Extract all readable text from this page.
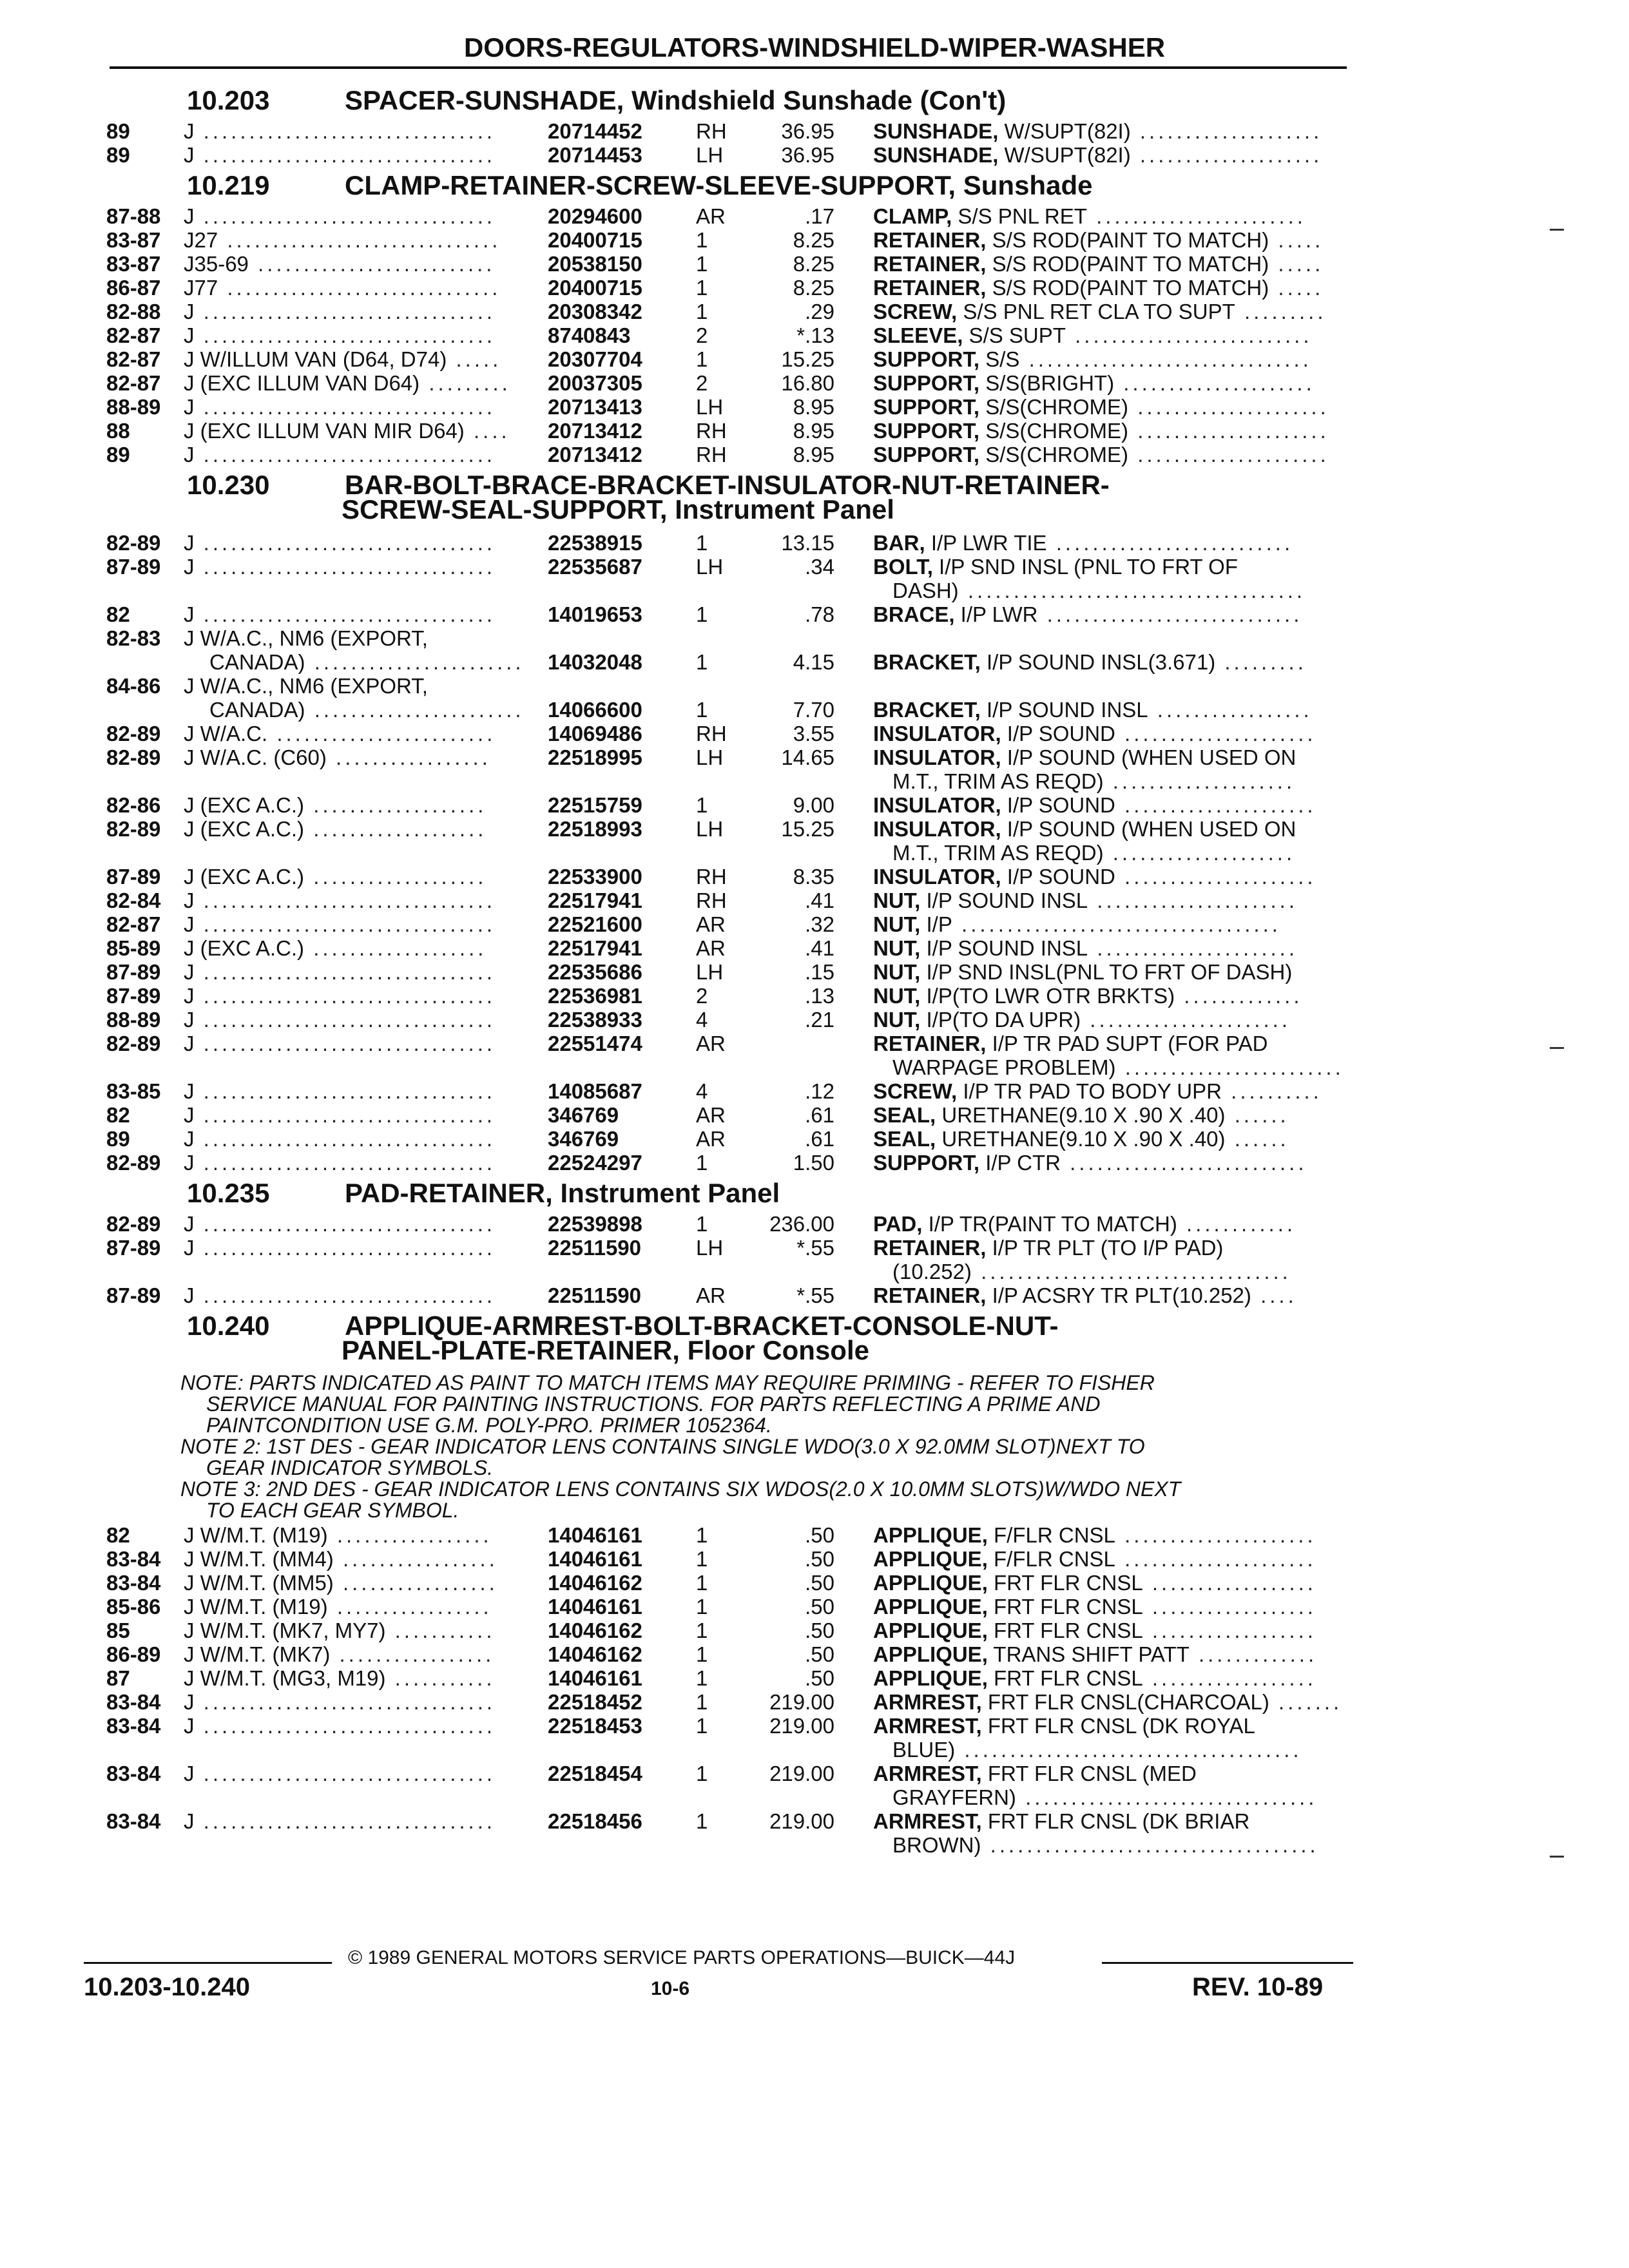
DOORS-REGULATORS-WINDSHIELD-WIPER-WASHER
10.203	SPACER-SUNSHADE, Windshield Sunshade (Con't)
89	J ................................ 20714452	RH	36.95 SUNSHADE, W/SUPT(82I) ....................
89	J ................................ 20714453	LH	36.95 SUNSHADE, W/SUPT(82I) ....................
10.219	CLAMP-RETAINER-SCREW-SLEEVE-SUPPORT, Sunshade
87-88 J ................................ 20294600	AR	.17 CLAMP, S/S PNL RET .......................
83-87 J27 .............................. 20400715	1	8.25 RETAINER, S/S ROD(PAINT TO MATCH) .....
83-87 J35-69 .......................... 20538150	1	8.25 RETAINER, S/S ROD(PAINT TO MATCH) .....
86-87 J77 .............................. 20400715	1	8.25 RETAINER, S/S ROD(PAINT TO MATCH) .....
82-88 J ................................ 20308342	1	.29 SCREW, S/S PNL RET CLA TO SUPT .........
82-87 J ................................ 8740843	2	*.13 SLEEVE, S/S SUPT ..........................
82-87 J W/ILLUM VAN (D64, D74) ..... 20307704	1	15.25 SUPPORT, S/S ...............................
82-87 J (EXC ILLUM VAN D64) ......... 20037305	2	16.80 SUPPORT, S/S(BRIGHT) .....................
88-89 J ................................ 20713413	LH	8.95 SUPPORT, S/S(CHROME) .....................
88	J (EXC ILLUM VAN MIR D64) .... 20713412	RH	8.95 SUPPORT, S/S(CHROME) .....................
89	J ................................ 20713412	RH	8.95 SUPPORT, S/S(CHROME) .....................
10.230	BAR-BOLT-BRACE-BRACKET-INSULATOR-NUT-RETAINER-
SCREW-SEAL-SUPPORT, Instrument Panel
82-89 J ................................ 22538915	1	13.15 BAR, I/P LWR TIE ..........................
87-89 J ................................ 22535687	LH	.34 BOLT, I/P SND INSL (PNL TO FRT OF
DASH) .....................................
82	J ................................ 14019653	1	.78 BRACE, I/P LWR ............................
82-83 J W/A.C., NM6 (EXPORT,
CANADA) ....................... 14032048	1	4.15 BRACKET, I/P SOUND INSL(3.671) .........
84-86 J W/A.C., NM6 (EXPORT,
CANADA) ....................... 14066600	1	7.70 BRACKET, I/P SOUND INSL .................
82-89 J W/A.C. ........................ 14069486	RH	3.55 INSULATOR, I/P SOUND .....................
82-89 J W/A.C. (C60) .................	22518995	LH	14.65 INSULATOR, I/P SOUND (WHEN USED ON
M.T., TRIM AS REQD) ....................
82-86 J (EXC A.C.) ...................	22515759	1	9.00 INSULATOR, I/P SOUND .....................
82-89 J (EXC A.C.) ...................	22518993	LH	15.25 INSULATOR, I/P SOUND (WHEN USED ON
M.T., TRIM AS REQD) ....................
87-89 J (EXC A.C.) ...................	22533900	RH	8.35 INSULATOR, I/P SOUND .....................
82-84 J ................................ 22517941	RH	.41 NUT, I/P SOUND INSL ......................
82-87 J ................................ 22521600	AR	.32 NUT, I/P ...................................
85-89 J (EXC A.C.) ...................	22517941	AR	.41 NUT, I/P SOUND INSL ......................
87-89 J ................................ 22535686	LH	.15 NUT, I/P SND INSL(PNL TO FRT OF DASH)
87-89 J ................................ 22536981	2	.13 NUT, I/P(TO LWR OTR BRKTS) .............
88-89 J ................................ 22538933	4	.21 NUT, I/P(TO DA UPR) ......................
82-89 J ................................ 22551474	AR	RETAINER, I/P TR PAD SUPT (FOR PAD
WARPAGE PROBLEM) ........................
83-85 J ................................ 14085687	4	.12 SCREW, I/P TR PAD TO BODY UPR ..........
82	J ................................ 346769	AR	.61 SEAL, URETHANE(9.10 X .90 X .40) ......
89	J ................................ 346769	AR	.61 SEAL, URETHANE(9.10 X .90 X .40) ......
82-89 J ................................ 22524297	1	1.50 SUPPORT, I/P CTR ..........................
10.235	PAD-RETAINER, Instrument Panel
82-89 J ................................ 22539898	1	236.00 PAD, I/P TR(PAINT TO MATCH) ............
87-89 J ................................ 22511590	LH	*.55 RETAINER, I/P TR PLT (TO I/P PAD)
(10.252) ..................................
87-89 J ................................ 22511590	AR	*.55 RETAINER, I/P ACSRY TR PLT(10.252) ....
10.240	APPLIQUE-ARMREST-BOLT-BRACKET-CONSOLE-NUT-
PANEL-PLATE-RETAINER, Floor Console
NOTE: PARTS INDICATED AS PAINT TO MATCH ITEMS MAY REQUIRE PRIMING - REFER TO FISHER
SERVICE MANUAL FOR PAINTING INSTRUCTIONS. FOR PARTS REFLECTING A PRIME AND
PAINTCONDITION USE G.M. POLY-PRO. PRIMER 1052364.
NOTE 2: 1ST DES - GEAR INDICATOR LENS CONTAINS SINGLE WDO(3.0 X 92.0MM SLOT)NEXT TO
GEAR INDICATOR SYMBOLS.
NOTE 3: 2ND DES - GEAR INDICATOR LENS CONTAINS SIX WDOS(2.0 X 10.0MM SLOTS)W/WDO NEXT
TO EACH GEAR SYMBOL.
82	J W/M.T. (M19) .................	14046161	1	.50 APPLIQUE, F/FLR CNSL .....................
83-84 J W/M.T. (MM4) ................. 14046161	1	.50 APPLIQUE, F/FLR CNSL .....................
83-84 J W/M.T. (MM5) ................. 14046162	1	.50 APPLIQUE, FRT FLR CNSL ..................
85-86 J W/M.T. (M19) .................	14046161	1	.50 APPLIQUE, FRT FLR CNSL ..................
85	J W/M.T. (MK7, MY7) ........... 14046162	1	.50 APPLIQUE, FRT FLR CNSL ..................
86-89 J W/M.T. (MK7) .................	14046162	1	.50 APPLIQUE, TRANS SHIFT PATT .............
87	J W/M.T. (MG3, M19) ........... 14046161	1	.50 APPLIQUE, FRT FLR CNSL ..................
83-84 J ................................ 22518452	1	219.00 ARMREST, FRT FLR CNSL(CHARCOAL) .......
83-84 J ................................ 22518453	1	219.00 ARMREST, FRT FLR CNSL (DK ROYAL
BLUE) .....................................
83-84 J ................................ 22518454	1	219.00 ARMREST, FRT FLR CNSL (MED
GRAYFERN) ................................
83-84 J ................................ 22518456	1	219.00 ARMREST, FRT FLR CNSL (DK BRIAR
BROWN) ....................................
© 1989 GENERAL MOTORS SERVICE PARTS OPERATIONS—BUICK—44J
10.203-10.240	10-6	REV. 10-89
